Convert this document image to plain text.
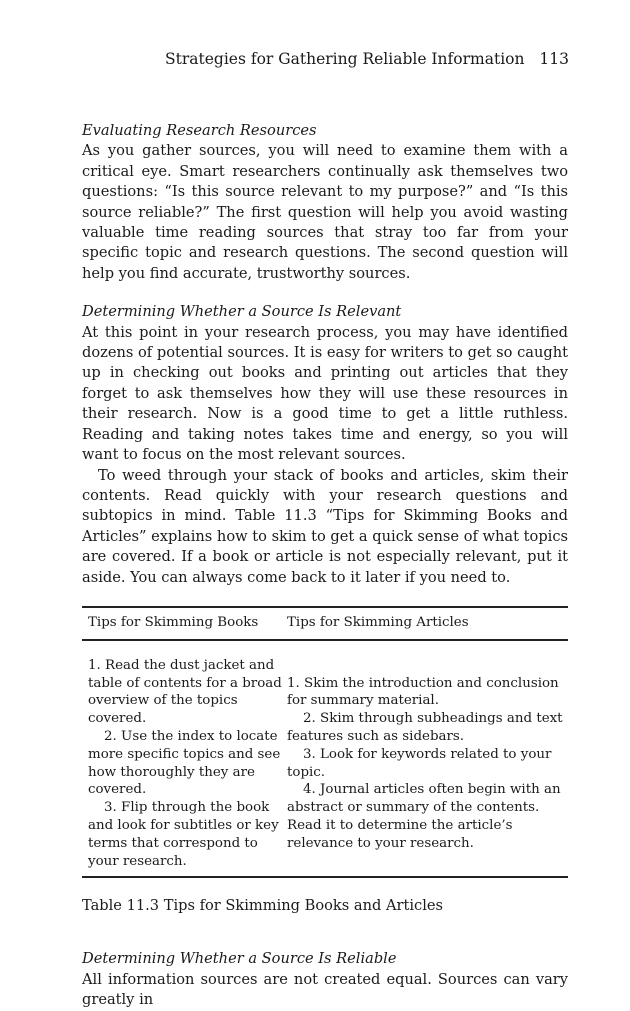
Strategies for Gathering Reliable Information 113

Evaluating Research Resources

As you gather sources, you will need to examine them with a critical eye. Smart researchers continually ask themselves two questions: “Is this source relevant to my purpose?” and “Is this source reliable?” The first question will help you avoid wasting valuable time reading sources that stray too far from your specific topic and research questions. The second question will help you find accurate, trustworthy sources.

Determining Whether a Source Is Relevant

At this point in your research process, you may have identified dozens of potential sources. It is easy for writers to get so caught up in checking out books and printing out articles that they forget to ask themselves how they will use these resources in their research. Now is a good time to get a little ruthless. Reading and taking notes takes time and energy, so you will want to focus on the most relevant sources.

To weed through your stack of books and articles, skim their contents. Read quickly with your research questions and subtopics in mind. Table 11.3 “Tips for Skimming Books and Articles” explains how to skim to get a quick sense of what topics are covered. If a book or article is not especially relevant, put it aside. You can always come back to it later if you need to.

Tips for Skimming Books	Tips for Skimming Articles

1. Read the dust jacket and table of contents for a broad overview of the topics covered.

2. Use the index to locate more specific topics and see how thoroughly they are covered.

3. Flip through the book and look for subtitles or key terms that correspond to your research.

1. Skim the introduction and conclusion for summary material.

2. Skim through subheadings and text features such as sidebars.

3. Look for keywords related to your topic.

4. Journal articles often begin with an abstract or summary of the contents. Read it to determine the article’s relevance to your research.

Table 11.3 Tips for Skimming Books and Articles

Determining Whether a Source Is Reliable

All information sources are not created equal. Sources can vary greatly in
